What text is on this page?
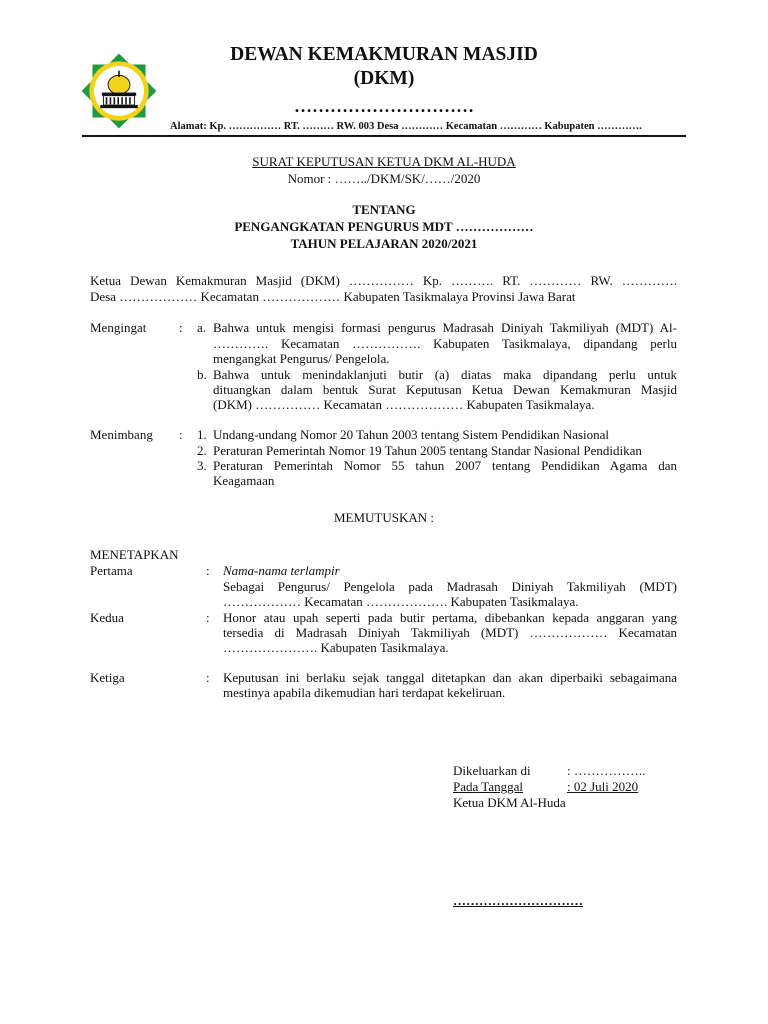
DEWAN KEMAKMURAN MASJID
(DKM)
…………………………
Alamat: Kp. …………… RT. ……… RW. 003 Desa ………… Kecamatan ………… Kabupaten ………….
SURAT KEPUTUSAN KETUA DKM AL-HUDA
Nomor : ……../DKM/SK/……/2020
TENTANG
PENGANGKATAN PENGURUS MDT ………………
TAHUN PELAJARAN 2020/2021
Ketua Dewan Kemakmuran Masjid (DKM) …………… Kp. ………. RT. ………… RW. ………….
Desa ……………… Kecamatan ……………… Kabupaten Tasikmalaya Provinsi Jawa Barat
Mengingat	: a. Bahwa untuk mengisi formasi pengurus Madrasah Diniyah Takmiliyah (MDT) Al-
…………. Kecamatan ……………. Kabupaten Tasikmalaya, dipandang perlu
mengangkat Pengurus/ Pengelola.
b. Bahwa untuk menindaklanjuti butir (a) diatas maka dipandang perlu untuk
dituangkan dalam bentuk Surat Keputusan Ketua Dewan Kemakmuran Masjid
(DKM) …………… Kecamatan ……………… Kabupaten Tasikmalaya.
Menimbang : 1. Undang-undang Nomor 20 Tahun 2003 tentang Sistem Pendidikan Nasional
2. Peraturan Pemerintah Nomor 19 Tahun 2005 tentang Standar Nasional Pendidikan
3. Peraturan Pemerintah Nomor 55 tahun 2007 tentang Pendidikan Agama dan
Keagamaan
MEMUTUSKAN :
MENETAPKAN
Pertama	: Nama-nama terlampir
Sebagai Pengurus/ Pengelola pada Madrasah Diniyah Takmiliyah (MDT)
……………… Kecamatan ………………. Kabupaten Tasikmalaya.
Kedua	: Honor atau upah seperti pada butir pertama, dibebankan kepada anggaran yang
tersedia di Madrasah Diniyah Takmiliyah (MDT) ……………… Kecamatan
…………………. Kabupaten Tasikmalaya.
Ketiga	: Keputusan ini berlaku sejak tanggal ditetapkan dan akan diperbaiki sebagaimana
mestinya apabila dikemudian hari terdapat kekeliruan.
Dikeluarkan di	: ……………..
Pada Tanggal	: 02 Juli 2020
Ketua DKM Al-Huda
…………………………
